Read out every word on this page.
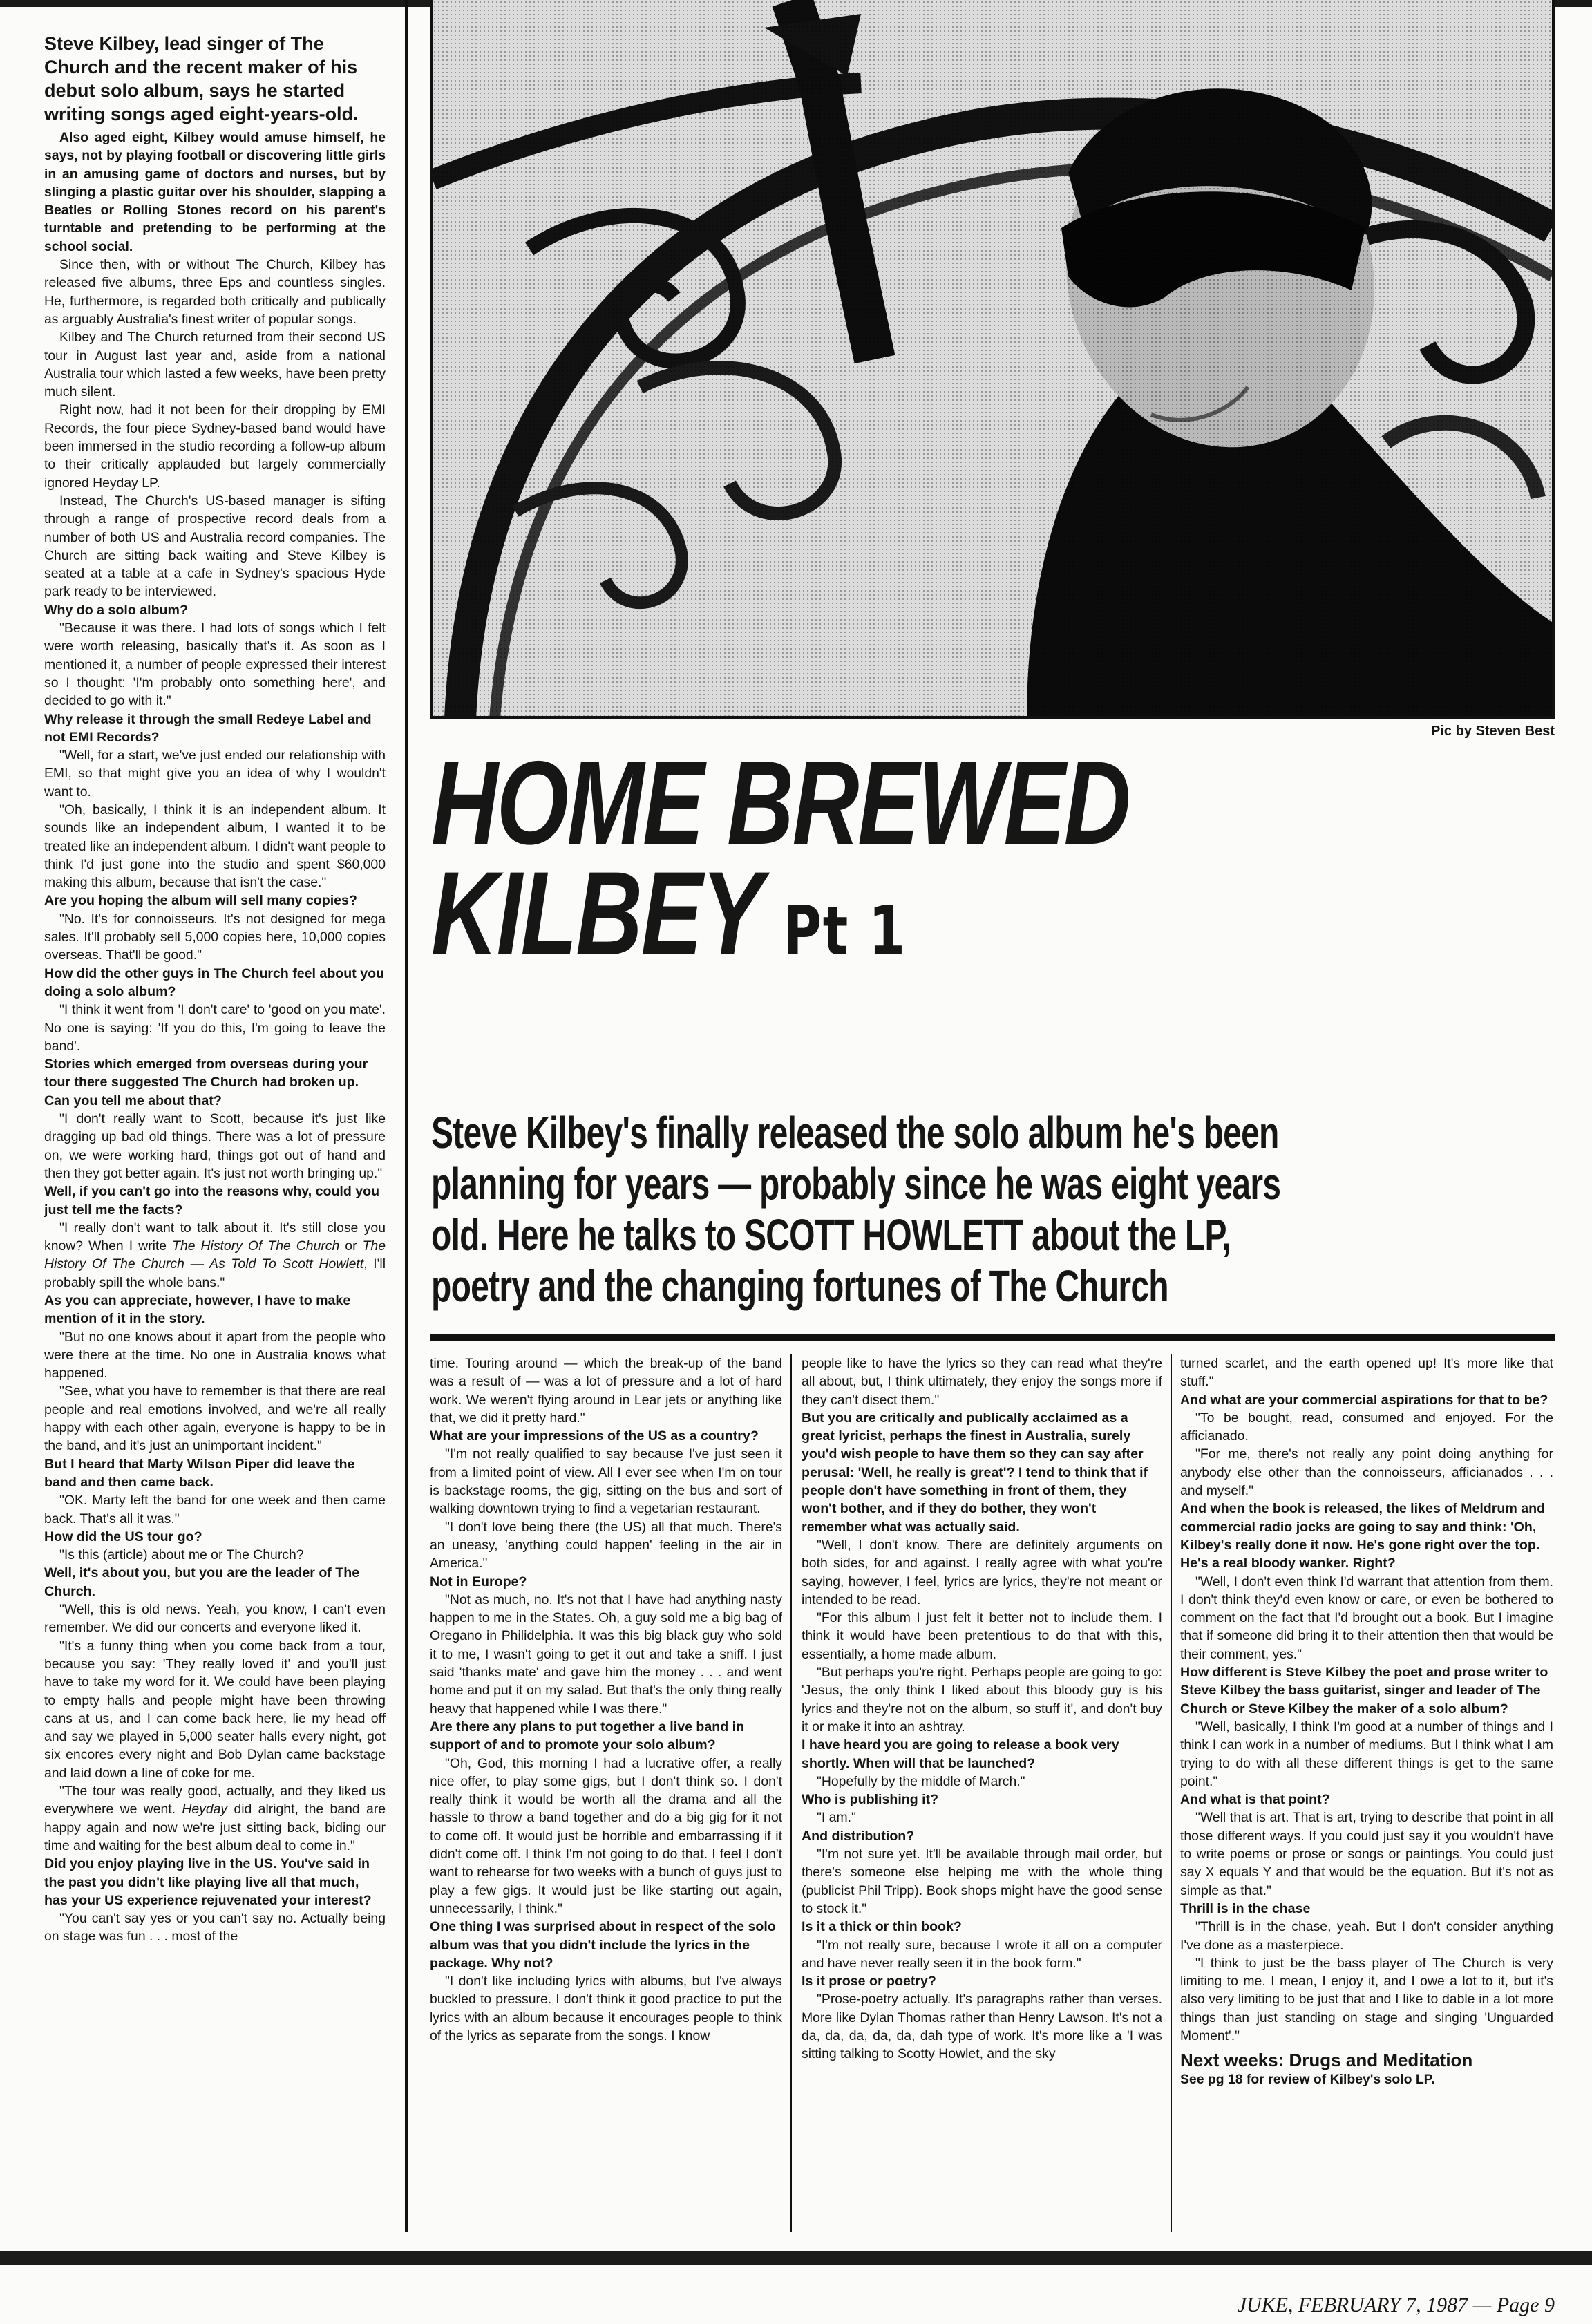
Steve Kilbey, lead singer of The Church and the recent maker of his debut solo album, says he started writing songs aged eight-years-old.

Also aged eight, Kilbey would amuse himself, he says, not by playing football or discovering little girls in an amusing game of doctors and nurses, but by slinging a plastic guitar over his shoulder, slapping a Beatles or Rolling Stones record on his parent's turntable and pretending to be performing at the school social.

Since then, with or without The Church, Kilbey has released five albums, three Eps and countless singles. He, furthermore, is regarded both critically and publically as arguably Australia's finest writer of popular songs.

Kilbey and The Church returned from their second US tour in August last year and, aside from a national Australia tour which lasted a few weeks, have been pretty much silent.

Right now, had it not been for their dropping by EMI Records, the four piece Sydney-based band would have been immersed in the studio recording a follow-up album to their critically applauded but largely commercially ignored Heyday LP.

Instead, The Church's US-based manager is sifting through a range of prospective record deals from a number of both US and Australia record companies. The Church are sitting back waiting and Steve Kilbey is seated at a table at a cafe in Sydney's spacious Hyde park ready to be interviewed.

Why do a solo album?

"Because it was there. I had lots of songs which I felt were worth releasing, basically that's it. As soon as I mentioned it, a number of people expressed their interest so I thought: 'I'm probably onto something here', and decided to go with it."

Why release it through the small Redeye Label and not EMI Records?

"Well, for a start, we've just ended our relationship with EMI, so that might give you an idea of why I wouldn't want to.

"Oh, basically, I think it is an independent album. It sounds like an independent album, I wanted it to be treated like an independent album. I didn't want people to think I'd just gone into the studio and spent $60,000 making this album, because that isn't the case."

Are you hoping the album will sell many copies?

"No. It's for connoisseurs. It's not designed for mega sales. It'll probably sell 5,000 copies here, 10,000 copies overseas. That'll be good."

How did the other guys in The Church feel about you doing a solo album?

"I think it went from 'I don't care' to 'good on you mate'. No one is saying: 'If you do this, I'm going to leave the band'.

Stories which emerged from overseas during your tour there suggested The Church had broken up. Can you tell me about that?

"I don't really want to Scott, because it's just like dragging up bad old things. There was a lot of pressure on, we were working hard, things got out of hand and then they got better again. It's just not worth bringing up."

Well, if you can't go into the reasons why, could you just tell me the facts?

"I really don't want to talk about it. It's still close you know? When I write The History Of The Church or The History Of The Church — As Told To Scott Howlett, I'll probably spill the whole bans."

As you can appreciate, however, I have to make mention of it in the story.

"But no one knows about it apart from the people who were there at the time. No one in Australia knows what happened.

"See, what you have to remember is that there are real people and real emotions involved, and we're all really happy with each other again, everyone is happy to be in the band, and it's just an unimportant incident."

But I heard that Marty Wilson Piper did leave the band and then came back.

"OK. Marty left the band for one week and then came back. That's all it was."

How did the US tour go?

"Is this (article) about me or The Church?

Well, it's about you, but you are the leader of The Church.

"Well, this is old news. Yeah, you know, I can't even remember. We did our concerts and everyone liked it.

"It's a funny thing when you come back from a tour, because you say: 'They really loved it' and you'll just have to take my word for it. We could have been playing to empty halls and people might have been throwing cans at us, and I can come back here, lie my head off and say we played in 5,000 seater halls every night, got six encores every night and Bob Dylan came backstage and laid down a line of coke for me.

"The tour was really good, actually, and they liked us everywhere we went. Heyday did alright, the band are happy again and now we're just sitting back, biding our time and waiting for the best album deal to come in."

Did you enjoy playing live in the US. You've said in the past you didn't like playing live all that much, has your US experience rejuvenated your interest?

"You can't say yes or you can't say no. Actually being on stage was fun . . . most of the

Pic by Steven Best
HOME BREWED
KILBEY Pt 1
Steve Kilbey's finally released the solo album he's been planning for years — probably since he was eight years old. Here he talks to SCOTT HOWLETT about the LP, poetry and the changing fortunes of The Church

time. Touring around — which the break-up of the band was a result of — was a lot of pressure and a lot of hard work. We weren't flying around in Lear jets or anything like that, we did it pretty hard."

What are your impressions of the US as a country?

"I'm not really qualified to say because I've just seen it from a limited point of view. All I ever see when I'm on tour is backstage rooms, the gig, sitting on the bus and sort of walking downtown trying to find a vegetarian restaurant.

"I don't love being there (the US) all that much. There's an uneasy, 'anything could happen' feeling in the air in America."

Not in Europe?

"Not as much, no. It's not that I have had anything nasty happen to me in the States. Oh, a guy sold me a big bag of Oregano in Philidelphia. It was this big black guy who sold it to me, I wasn't going to get it out and take a sniff. I just said 'thanks mate' and gave him the money . . . and went home and put it on my salad. But that's the only thing really heavy that happened while I was there."

Are there any plans to put together a live band in support of and to promote your solo album?

"Oh, God, this morning I had a lucrative offer, a really nice offer, to play some gigs, but I don't think so. I don't really think it would be worth all the drama and all the hassle to throw a band together and do a big gig for it not to come off. It would just be horrible and embarrassing if it didn't come off. I think I'm not going to do that. I feel I don't want to rehearse for two weeks with a bunch of guys just to play a few gigs. It would just be like starting out again, unnecessarily, I think."

One thing I was surprised about in respect of the solo album was that you didn't include the lyrics in the package. Why not?

"I don't like including lyrics with albums, but I've always buckled to pressure. I don't think it good practice to put the lyrics with an album because it encourages people to think of the lyrics as separate from the songs. I know

people like to have the lyrics so they can read what they're all about, but, I think ultimately, they enjoy the songs more if they can't disect them."

But you are critically and publically acclaimed as a great lyricist, perhaps the finest in Australia, surely you'd wish people to have them so they can say after perusal: 'Well, he really is great'? I tend to think that if people don't have something in front of them, they won't bother, and if they do bother, they won't remember what was actually said.

"Well, I don't know. There are definitely arguments on both sides, for and against. I really agree with what you're saying, however, I feel, lyrics are lyrics, they're not meant or intended to be read.

"For this album I just felt it better not to include them. I think it would have been pretentious to do that with this, essentially, a home made album.

"But perhaps you're right. Perhaps people are going to go: 'Jesus, the only think I liked about this bloody guy is his lyrics and they're not on the album, so stuff it', and don't buy it or make it into an ashtray.

I have heard you are going to release a book very shortly. When will that be launched?

"Hopefully by the middle of March."

Who is publishing it?

"I am."

And distribution?

"I'm not sure yet. It'll be available through mail order, but there's someone else helping me with the whole thing (publicist Phil Tripp). Book shops might have the good sense to stock it."

Is it a thick or thin book?

"I'm not really sure, because I wrote it all on a computer and have never really seen it in the book form."

Is it prose or poetry?

"Prose-poetry actually. It's paragraphs rather than verses. More like Dylan Thomas rather than Henry Lawson. It's not a da, da, da, da, da, dah type of work. It's more like a 'I was sitting talking to Scotty Howlet, and the sky

turned scarlet, and the earth opened up! It's more like that stuff."

And what are your commercial aspirations for that to be?

"To be bought, read, consumed and enjoyed. For the afficianado.

"For me, there's not really any point doing anything for anybody else other than the connoisseurs, afficianados . . . and myself."

And when the book is released, the likes of Meldrum and commercial radio jocks are going to say and think: 'Oh, Kilbey's really done it now. He's gone right over the top. He's a real bloody wanker. Right?

"Well, I don't even think I'd warrant that attention from them. I don't think they'd even know or care, or even be bothered to comment on the fact that I'd brought out a book. But I imagine that if someone did bring it to their attention then that would be their comment, yes."

How different is Steve Kilbey the poet and prose writer to Steve Kilbey the bass guitarist, singer and leader of The Church or Steve Kilbey the maker of a solo album?

"Well, basically, I think I'm good at a number of things and I think I can work in a number of mediums. But I think what I am trying to do with all these different things is get to the same point."

And what is that point?

"Well that is art. That is art, trying to describe that point in all those different ways. If you could just say it you wouldn't have to write poems or prose or songs or paintings. You could just say X equals Y and that would be the equation. But it's not as simple as that."

Thrill is in the chase

"Thrill is in the chase, yeah. But I don't consider anything I've done as a masterpiece.

"I think to just be the bass player of The Church is very limiting to me. I mean, I enjoy it, and I owe a lot to it, but it's also very limiting to be just that and I like to dable in a lot more things than just standing on stage and singing 'Unguarded Moment'."

Next weeks: Drugs and Meditation

See pg 18 for review of Kilbey's solo LP.

JUKE, FEBRUARY 7, 1987 — Page 9
